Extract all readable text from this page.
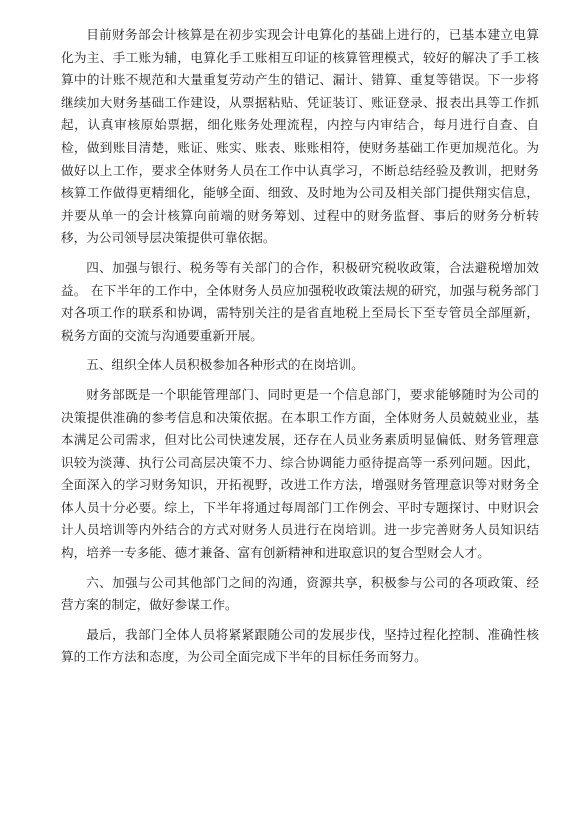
目前财务部会计核算是在初步实现会计电算化的基础上进行的，已基本建立电算化为主、手工账为辅，电算化手工账相互印证的核算管理模式，较好的解决了手工核算中的计账不规范和大量重复劳动产生的错记、漏计、错算、重复等错误。下一步将继续加大财务基础工作建设，从票据粘贴、凭证装订、账证登录、报表出具等工作抓起，认真审核原始票据，细化账务处理流程，内控与内审结合，每月进行自查、自检，做到账目清楚，账证、账实、账表、账账相符，使财务基础工作更加规范化。为做好以上工作，要求全体财务人员在工作中认真学习，不断总结经验及教训，把财务核算工作做得更精细化，能够全面、细致、及时地为公司及相关部门提供翔实信息，并要从单一的会计核算向前端的财务筹划、过程中的财务监督、事后的财务分析转移，为公司领导层决策提供可靠依据。

四、加强与银行、税务等有关部门的合作，积极研究税收政策，合法避税增加效益。 在下半年的工作中，全体财务人员应加强税收政策法规的研究，加强与税务部门对各项工作的联系和协调，需特别关注的是省直地税上至局长下至专管员全部厘新，税务方面的交流与沟通要重新开展。

五、组织全体人员积极参加各种形式的在岗培训。

财务部既是一个职能管理部门、同时更是一个信息部门，要求能够随时为公司的决策提供准确的参考信息和决策依据。在本职工作方面，全体财务人员兢兢业业，基本满足公司需求，但对比公司快速发展，还存在人员业务素质明显偏低、财务管理意识较为淡薄、执行公司高层决策不力、综合协调能力亟待提高等一系列问题。因此，全面深入的学习财务知识，开拓视野，改进工作方法，增强财务管理意识等对财务全体人员十分必要。综上，下半年将通过每周部门工作例会、平时专题探讨、中财识会计人员培训等内外结合的方式对财务人员进行在岗培训。进一步完善财务人员知识结构，培养一专多能、德才兼备、富有创新精神和进取意识的复合型财会人才。

六、加强与公司其他部门之间的沟通，资源共享，积极参与公司的各项政策、经营方案的制定，做好参谋工作。

最后，我部门全体人员将紧紧跟随公司的发展步伐，坚持过程化控制、准确性核算的工作方法和态度，为公司全面完成下半年的目标任务而努力。
